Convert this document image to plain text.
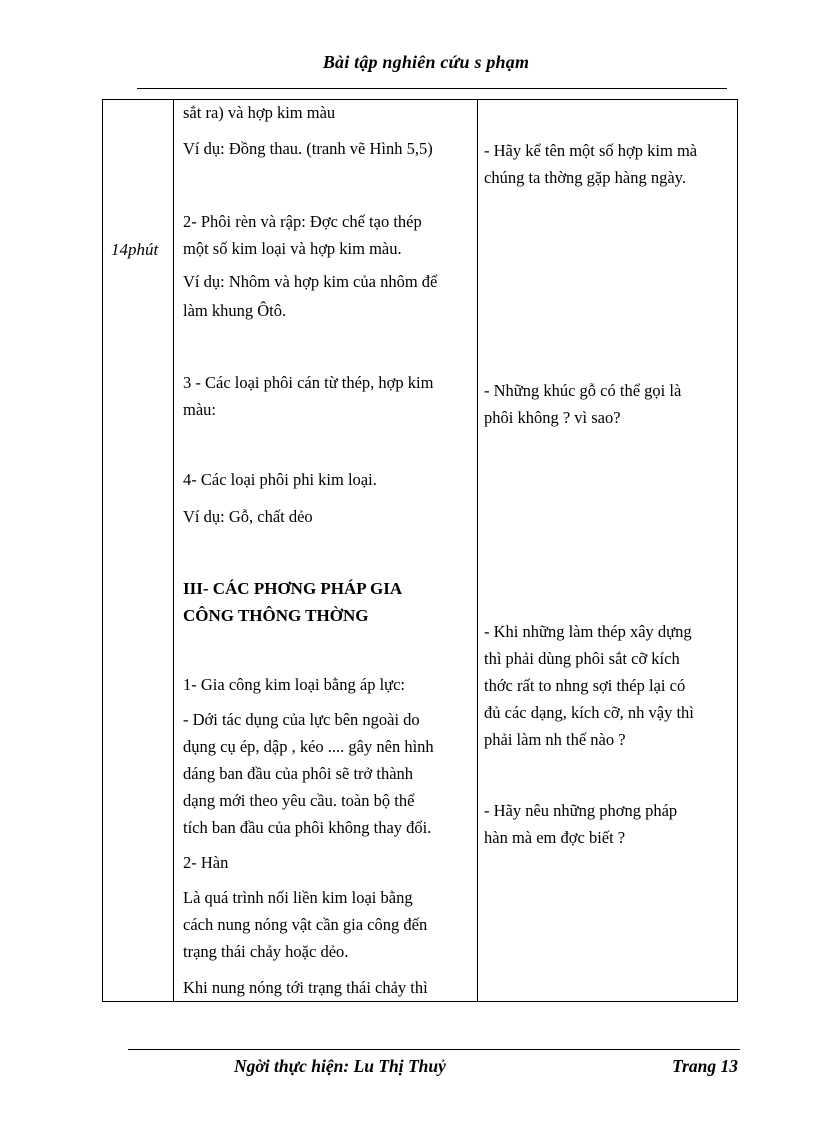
Bài tập nghiên cứu s phạm
14phút
sắt ra) và hợp kim màu
Ví dụ: Đồng thau. (tranh vẽ Hình 5,5)
2- Phôi rèn và rập: Đợc chế tạo thép
một số kim loại và hợp kim màu.
Ví dụ: Nhôm và hợp kim của nhôm để
làm khung Ôtô.
3 - Các loại phôi cán từ thép, hợp kim
màu:
4- Các loại phôi phi kim loại.
Ví dụ: Gỗ, chất dẻo
III- CÁC PHƠNG PHÁP GIA
CÔNG THÔNG THỜNG
1- Gia công kim loại bằng áp lực:
- Dới tác dụng của lực bên ngoài do
dụng cụ ép, dập , kéo .... gây nên hình
dáng ban đầu của phôi sẽ trở thành
dạng mới theo yêu cầu. toàn bộ thể
tích ban đầu của phôi không thay đổi.
2- Hàn
Là quá trình nối liền kim loại bằng
cách nung nóng vật cần gia công đến
trạng thái chảy hoặc dẻo.
Khi nung nóng tới trạng thái chảy thì
- Hãy kể tên một số hợp kim mà
chúng ta thờng gặp hàng ngày.
- Những khúc gỗ có thể gọi là
phôi không ? vì sao?
- Khi những làm thép xây dựng
thì phải dùng phôi sắt cỡ kích
thớc rất to nhng sợi thép lại có
đủ các dạng, kích cỡ, nh vậy thì
phải làm nh thế nào ?
- Hãy nêu những phơng pháp
hàn mà em đợc biết ?
Ngời thực hiện: Lu Thị Thuỷ	Trang 13
